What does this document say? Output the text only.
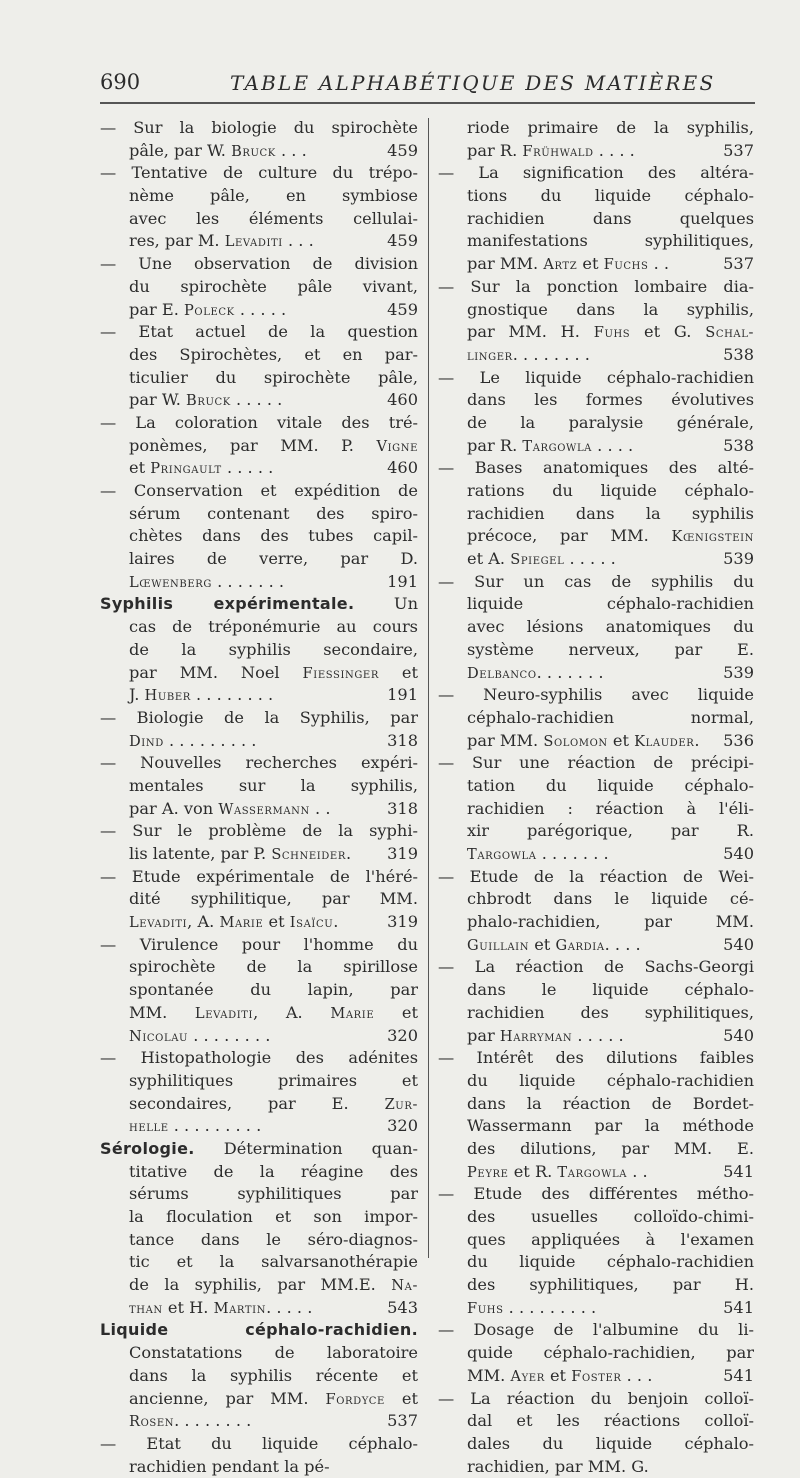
690	TABLE ALPHABÉTIQUE DES MATIÈRES
— Sur la biologie du spirochète
pâle, par W. Bruck . . .	459
— Tentative de culture du trépo-
nème pâle, en symbiose
avec les éléments cellulai-
res, par M. Levaditi . . .	459
— Une observation de division
du spirochète pâle vivant,
par E. Poleck . . . . .	459
— Etat actuel de la question
des Spirochètes, et en par-
ticulier du spirochète pâle,
par W. Bruck . . . . .	460
— La coloration vitale des tré-
ponèmes, par MM. P. Vigne
et Pringault . . . . .	460
— Conservation et expédition de
sérum contenant des spiro-
chètes dans des tubes capil-
laires de verre, par D.
Lœwenberg . . . . . . .	191
Syphilis expérimentale. Un
cas de tréponémurie au cours
de la syphilis secondaire,
par MM. Noel Fiessinger et
J. Huber . . . . . . . .	191
— Biologie de la Syphilis, par
Dind . . . . . . . . .	318
— Nouvelles recherches expéri-
mentales sur la syphilis,
par A. von Wassermann . .	318
— Sur le problème de la syphi-
lis latente, par P. Schneider.	319
— Etude expérimentale de l'héré-
dité syphilitique, par MM.
Levaditi, A. Marie et Isaïcu.	319
— Virulence pour l'homme du
spirochète de la spirillose
spontanée du lapin, par
MM. Levaditi, A. Marie et
Nicolau . . . . . . . .	320
— Histopathologie des adénites
syphilitiques primaires et
secondaires, par E. Zur-
helle . . . . . . . . .	320
Sérologie. Détermination quan-
titative de la réagine des
sérums syphilitiques par
la floculation et son impor-
tance dans le séro-diagnos-
tic et la salvarsanothérapie
de la syphilis, par MM.E. Na-
than et H. Martin. . . . .	543
Liquide céphalo-rachidien.
Constatations de laboratoire
dans la syphilis récente et
ancienne, par MM. Fordyce et
Rosen. . . . . . . .	537
— Etat du liquide céphalo-
rachidien pendant la pé-
riode primaire de la syphilis,
par R. Frühwald . . . .	537
— La signification des altéra-
tions du liquide céphalo-
rachidien dans quelques
manifestations syphilitiques,
par MM. Artz et Fuchs . .	537
— Sur la ponction lombaire dia-
gnostique dans la syphilis,
par MM. H. Fuhs et G. Schal-
linger. . . . . . . .	538
— Le liquide céphalo-rachidien
dans les formes évolutives
de la paralysie générale,
par R. Targowla . . . .	538
— Bases anatomiques des alté-
rations du liquide céphalo-
rachidien dans la syphilis
précoce, par MM. Kœnigstein
et A. Spiegel . . . . .	539
— Sur un cas de syphilis du
liquide céphalo-rachidien
avec lésions anatomiques du
système nerveux, par E.
Delbanco. . . . . . .	539
— Neuro-syphilis avec liquide
céphalo-rachidien normal,
par MM. Solomon et Klauder.	536
— Sur une réaction de précipi-
tation du liquide céphalo-
rachidien : réaction à l'éli-
xir parégorique, par R.
Targowla . . . . . . .	540
— Etude de la réaction de Wei-
chbrodt dans le liquide cé-
phalo-rachidien, par MM.
Guillain et Gardia. . . .	540
— La réaction de Sachs-Georgi
dans le liquide céphalo-
rachidien des syphilitiques,
par Harryman . . . . .	540
— Intérêt des dilutions faibles
du liquide céphalo-rachidien
dans la réaction de Bordet-
Wassermann par la méthode
des dilutions, par MM. E.
Peyre et R. Targowla . .	541
— Etude des différentes métho-
des usuelles colloïdo-chimi-
ques appliquées à l'examen
du liquide céphalo-rachidien
des syphilitiques, par H.
Fuhs . . . . . . . . .	541
— Dosage de l'albumine du li-
quide céphalo-rachidien, par
MM. Ayer et Foster . . .	541
— La réaction du benjoin colloï-
dal et les réactions colloï-
dales du liquide céphalo-
rachidien, par MM. G.
